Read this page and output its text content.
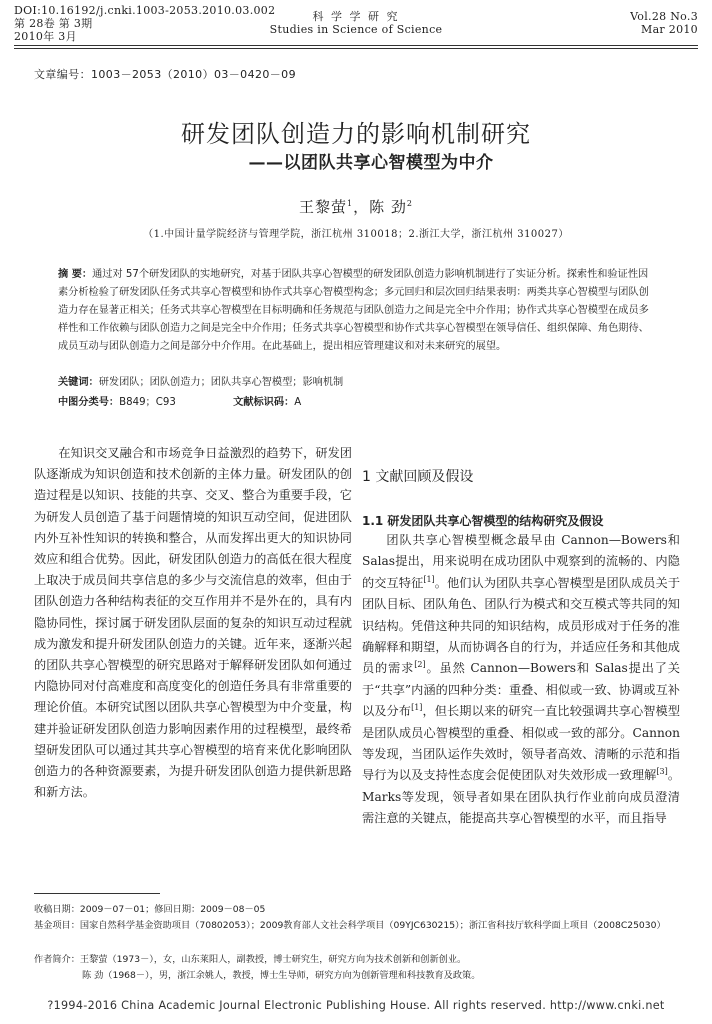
DOI:10.16192/j.cnki.1003-2053.2010.03.002
第 28卷 第 3期
2010年 3月
科 学 学 研 究
Studies in Science of Science
Vol.28 No.3
Mar 2010
文章编号：1003－2053（2010）03－0420－09
研发团队创造力的影响机制研究
——以团队共享心智模型为中介
王黎萤$^1$，陈 劲$^2$
（1.中国计量学院经济与管理学院，浙江杭州 310018；2.浙江大学，浙江杭州 310027）
摘 要：通过对 57个研发团队的实地研究，对基于团队共享心智模型的研发团队创造力影响机制进行了实证分析。探索性和验证性因素分析检验了研发团队任务式共享心智模型和协作式共享心智模型构念；多元回归和层次回归结果表明：两类共享心智模型与团队创造力存在显著正相关；任务式共享心智模型在目标明确和任务规范与团队创造力之间是完全中介作用；协作式共享心智模型在成员多样性和工作依赖与团队创造力之间是完全中介作用；任务式共享心智模型和协作式共享心智模型在领导信任、组织保障、角色期待、成员互动与团队创造力之间是部分中介作用。在此基础上，提出相应管理建议和对未来研究的展望。
关键词：研发团队；团队创造力；团队共享心智模型；影响机制
中图分类号：B849；C93	文献标识码：A

在知识交叉融合和市场竞争日益激烈的趋势下，研发团队逐渐成为知识创造和技术创新的主体力量。研发团队的创造过程是以知识、技能的共享、交叉、整合为重要手段，它为研发人员创造了基于问题情境的知识互动空间，促进团队内外互补性知识的转换和整合，从而发挥出更大的知识协同效应和组合优势。因此，研发团队创造力的高低在很大程度上取决于成员间共享信息的多少与交流信息的效率，但由于团队创造力各种结构表征的交互作用并不是外在的，具有内隐协同性，探讨属于研发团队层面的复杂的知识互动过程就成为激发和提升研发团队创造力的关键。近年来，逐渐兴起的团队共享心智模型的研究思路对于解释研发团队如何通过内隐协同对付高难度和高度变化的创造任务具有非常重要的理论价值。本研究试图以团队共享心智模型为中介变量，构建并验证研发团队创造力影响因素作用的过程模型，最终希望研发团队可以通过其共享心智模型的培育来优化影响团队创造力的各种资源要素，为提升研发团队创造力提供新思路和新方法。

1 文献回顾及假设
1.1 研发团队共享心智模型的结构研究及假设
团队共享心智模型概念最早由 Cannon—Bowers和 Salas提出，用来说明在成功团队中观察到的流畅的、内隐的交互特征[1]。他们认为团队共享心智模型是团队成员关于团队目标、团队角色、团队行为模式和交互模式等共同的知识结构。凭借这种共同的知识结构，成员形成对于任务的准确解释和期望，从而协调各自的行为，并适应任务和其他成员的需求[2]。虽然 Cannon—Bowers和 Salas提出了关于“共享”内涵的四种分类：重叠、相似或一致、协调或互补以及分布[1]，但长期以来的研究一直比较强调共享心智模型是团队成员心智模型的重叠、相似或一致的部分。Cannon等发现，当团队运作失效时，领导者高效、清晰的示范和指导行为以及支持性态度会促使团队对失效形成一致理解[3]。Marks等发现，领导者如果在团队执行作业前向成员澄清需注意的关键点，能提高共享心智模型的水平，而且指导
收稿日期：2009－07－01；修回日期：2009－08－05
基金项目：国家自然科学基金资助项目（70802053）；2009教育部人文社会科学项目（09YJC630215）；浙江省科技厅软科学面上项目（2008C25030）
作者简介：王黎萤（1973－），女，山东莱阳人，副教授，博士研究生，研究方向为技术创新和创新创业。
陈 劲（1968－），男，浙江余姚人，教授，博士生导师，研究方向为创新管理和科技教育及政策。
?1994-2016 China Academic Journal Electronic Publishing House. All rights reserved. http://www.cnki.net
